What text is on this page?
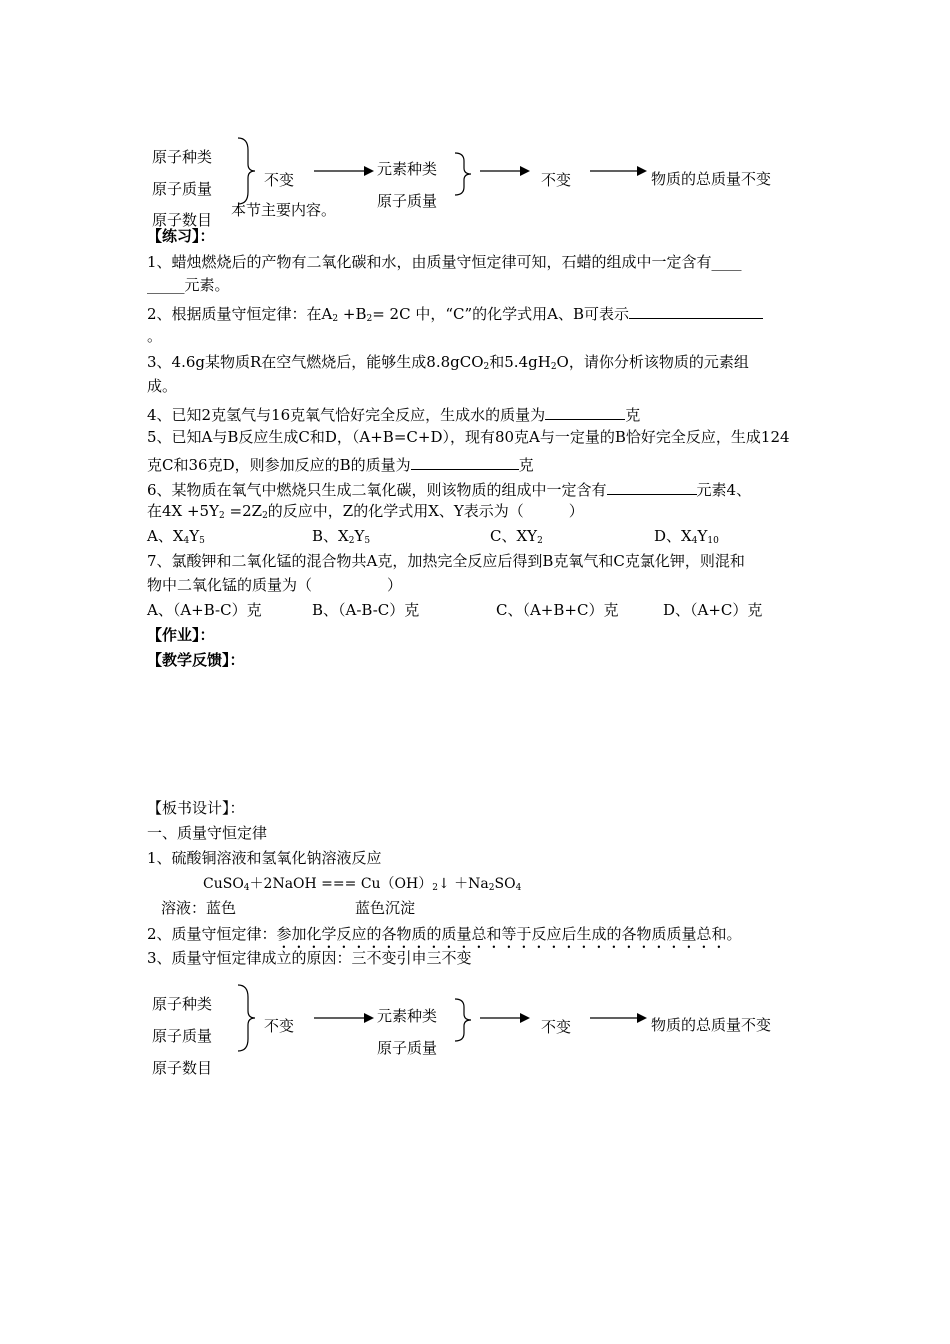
原子种类
原子质量
原子数目
本节主要内容。
不变
元素种类
原子质量
不变	物质的总质量不变
【练习】：
1、蜡烛燃烧后的产物有二氧化碳和水，由质量守恒定律可知，石蜡的组成中一定含有____
_____元素。
2、根据质量守恒定律：在$A_2 +B_2= 2C$ 中，“C”的化学式用A、B可表示
。
3、4.6g某物质R在空气燃烧后，能够生成8.8gCO$_2$和$5.4gH_2O$，请你分析该物质的元素组
成。
4、已知2克氢气与16克氧气恰好完全反应，生成水的质量为	克
5、已知A与B反应生成C和D，（A+B=C+D），现有80克A与一定量的B恰好完全反应，生成124
克C和36克D，则参加反应的B的质量为	克
6、某物质在氧气中燃烧只生成二氧化碳，则该物质的组成中一定含有	元素4、
在$4X +5Y_2 =2Z_2$的反应中，Z的化学式用X、Y表示为（　　　）
A、$X_4Y_5$	B、$X_2Y_5$	C、$XY_2$	D、$X_4Y_{10}$
7、氯酸钾和二氧化锰的混合物共A克，加热完全反应后得到B克氧气和C克氯化钾，则混和
物中二氧化锰的质量为（　　　　　）
A、（A+B-C）克	B、（A-B-C）克	C、（A+B+C）克	D、（A+C）克
【作业】：
【教学反馈】：
【板书设计】：
一、质量守恒定律
1、硫酸铜溶液和氢氧化钠溶液反应
CuSO$_4$＋2NaOH === $Cu(OH)_2↓ +Na_2SO_4$
溶液：蓝色	蓝色沉淀
2、质量守恒定律：参加化学反应的各物质的质量总和等于反应后生成的各物质质量总和。
3、质量守恒定律成立的原因：三不变引申三不变
原子种类
原子质量
原子数目
不变
元素种类
原子质量
不变	物质的总质量不变
